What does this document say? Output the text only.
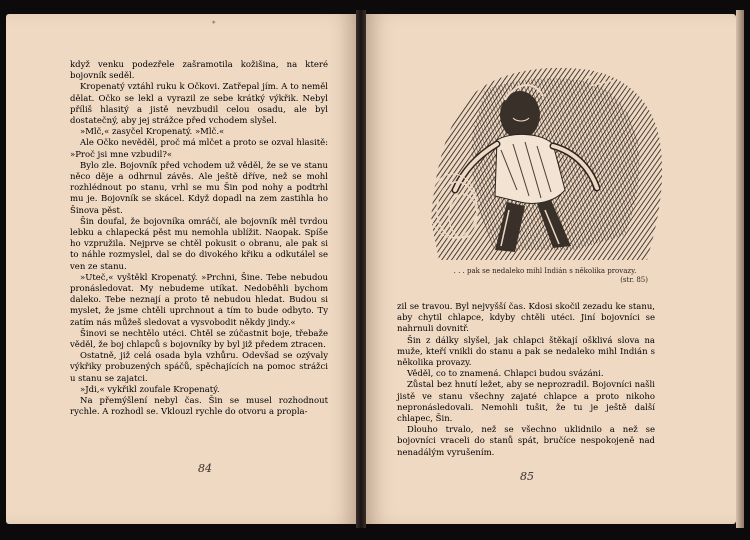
*

když venku podezřele zašramotila kožišina, na které bojovník seděl.

Kropenatý vztáhl ruku k Očkovi. Zatřepal jím. A to neměl dělat. Očko se lekl a vyrazil ze sebe krátký výkřik. Nebyl příliš hlasitý a jistě nevzbudil celou osadu, ale byl dostatečný, aby jej strážce před vchodem slyšel.

»Mlč,« zasyčel Kropenatý. »Mlč.«

Ale Očko nevěděl, proč má mlčet a proto se ozval hlasitě: »Proč jsi mne vzbudil?«

Bylo zle. Bojovník před vchodem už věděl, že se ve stanu něco děje a odhrnul závěs. Ale ještě dříve, než se mohl rozhlédnout po stanu, vrhl se mu Šin pod nohy a podtrhl mu je. Bojovník se skácel. Když dopadl na zem zastihla ho Šinova pěst.

Šin doufal, že bojovníka omráčí, ale bojovník měl tvrdou lebku a chlapecká pěst mu nemohla ublížit. Naopak. Spíše ho vzpružila. Nejprve se chtěl pokusit o obranu, ale pak si to náhle rozmyslel, dal se do divokého křiku a odkutálel se ven ze stanu.

»Uteč,« vyštěkl Kropenatý. »Prchni, Šine. Tebe nebudou pronásledovat. My nebudeme utíkat. Nedoběhli bychom daleko. Tebe neznají a proto tě nebudou hledat. Budou si myslet, že jsme chtěli uprchnout a tím to bude odbyto. Ty zatím nás můžeš sledovat a vysvobodit někdy jindy.«

Šinovi se nechtělo utéci. Chtěl se zúčastnit boje, třebaže věděl, že boj chlapců s bojovníky by byl již předem ztracen.

Ostatně, již celá osada byla vzhůru. Odevšad se ozývaly výkřiky probuzených spáčů, spěchajících na pomoc strážci u stanu se zajatci.

»Jdi,« vykřikl zoufale Kropenatý.

Na přemýšlení nebyl čas. Šin se musel rozhodnout rychle. A rozhodl se. Vklouzl rychle do otvoru a propla-

84
. . . pak se nedaleko mihl Indián s několika provazy.
(str. 85)

zil se travou. Byl nejvyšší čas. Kdosi skočil zezadu ke stanu, aby chytil chlapce, kdyby chtěli utéci. Jiní bojovníci se nahrnuli dovnitř.

Šin z dálky slyšel, jak chlapci štěkají ošklivá slova na muže, kteří vnikli do stanu a pak se nedaleko mihl Indián s několika provazy.

Věděl, co to znamená. Chlapci budou svázáni.

Zůstal bez hnutí ležet, aby se neprozradil. Bojovníci našli jistě ve stanu všechny zajaté chlapce a proto nikoho nepronásledovali. Nemohli tušit, že tu je ještě další chlapec, Šin.

Dlouho trvalo, než se všechno uklidnilo a než se bojovníci vraceli do stanů spát, bručíce nespokojeně nad nenadálým vyrušením.

85
